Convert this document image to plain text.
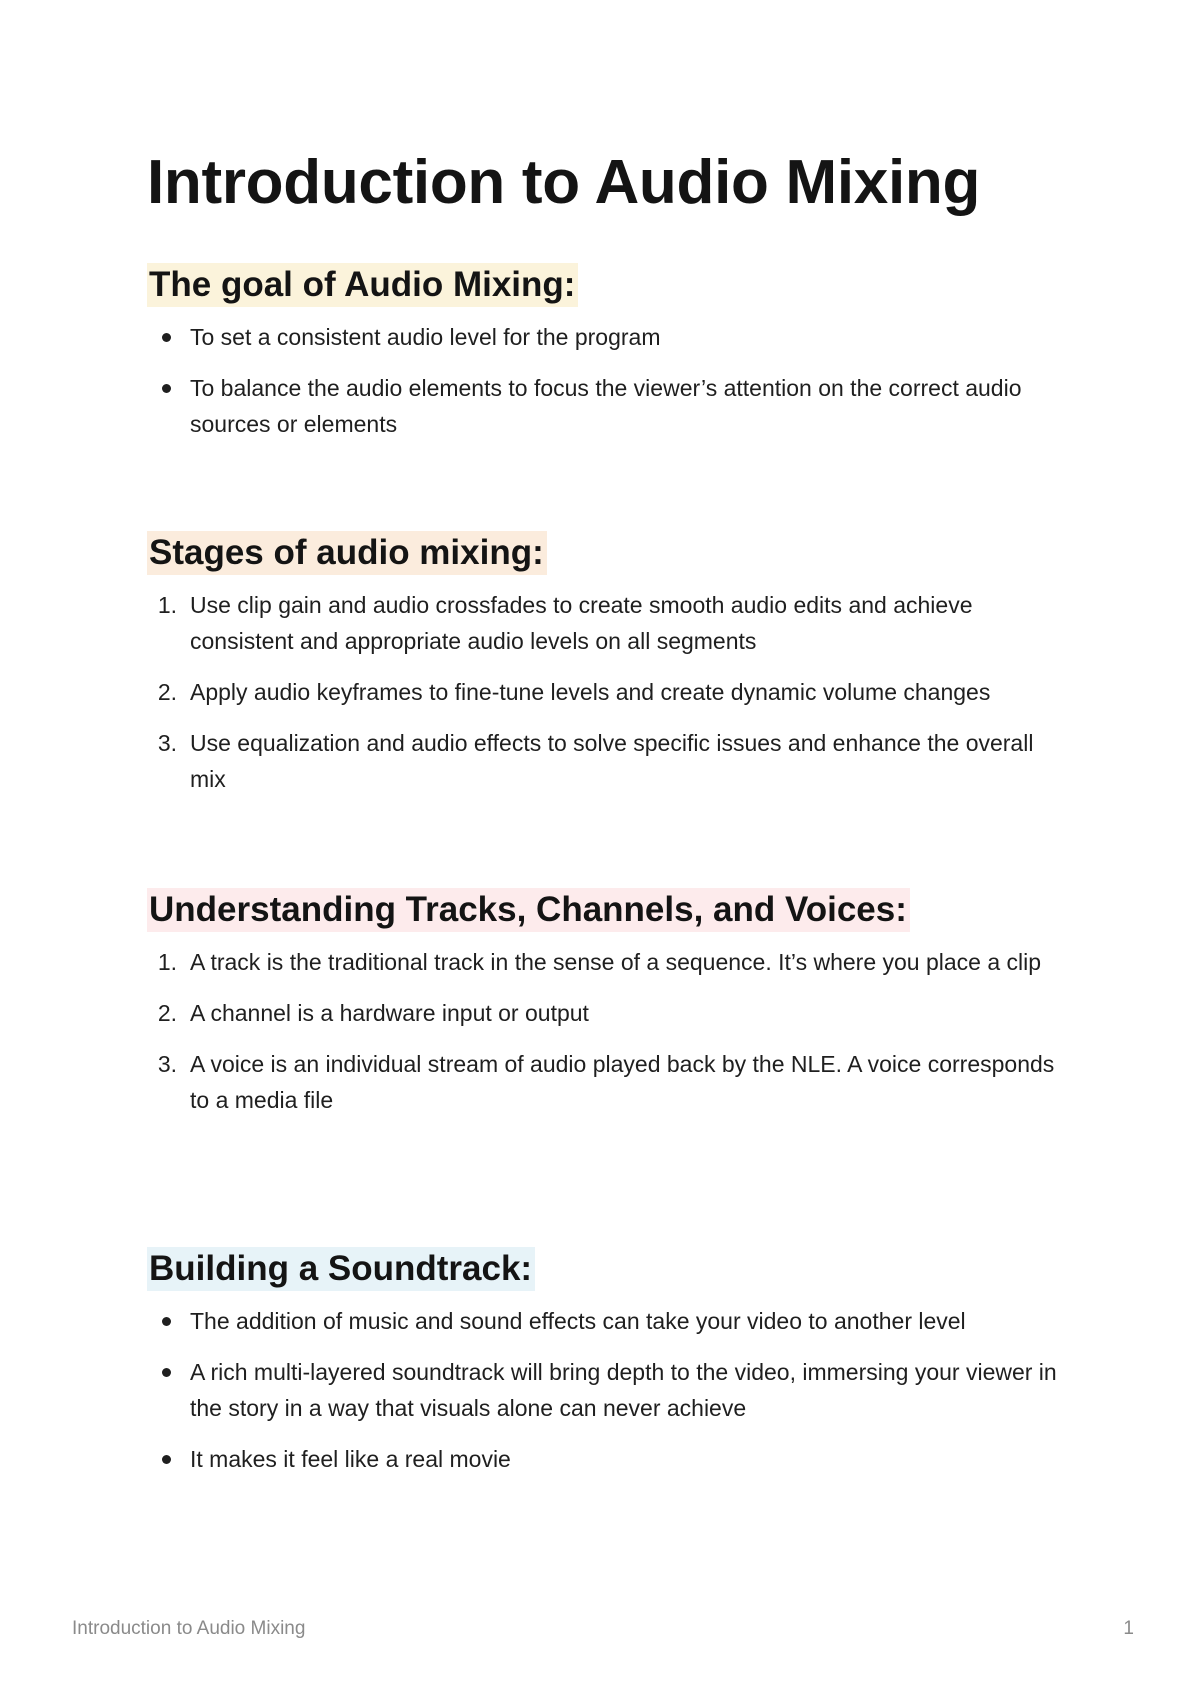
Introduction to Audio Mixing
The goal of Audio Mixing:
To set a consistent audio level for the program
To balance the audio elements to focus the viewer’s attention on the correct audio sources or elements
Stages of audio mixing:
1. Use clip gain and audio crossfades to create smooth audio edits and achieve consistent and appropriate audio levels on all segments
2. Apply audio keyframes to fine-tune levels and create dynamic volume changes
3. Use equalization and audio effects to solve specific issues and enhance the overall mix
Understanding Tracks, Channels, and Voices:
1. A track is the traditional track in the sense of a sequence. It’s where you place a clip
2. A channel is a hardware input or output
3. A voice is an individual stream of audio played back by the NLE. A voice corresponds to a media file
Building a Soundtrack:
The addition of music and sound effects can take your video to another level
A rich multi-layered soundtrack will bring depth to the video, immersing your viewer in the story in a way that visuals alone can never achieve
It makes it feel like a real movie
Introduction to Audio Mixing	1
